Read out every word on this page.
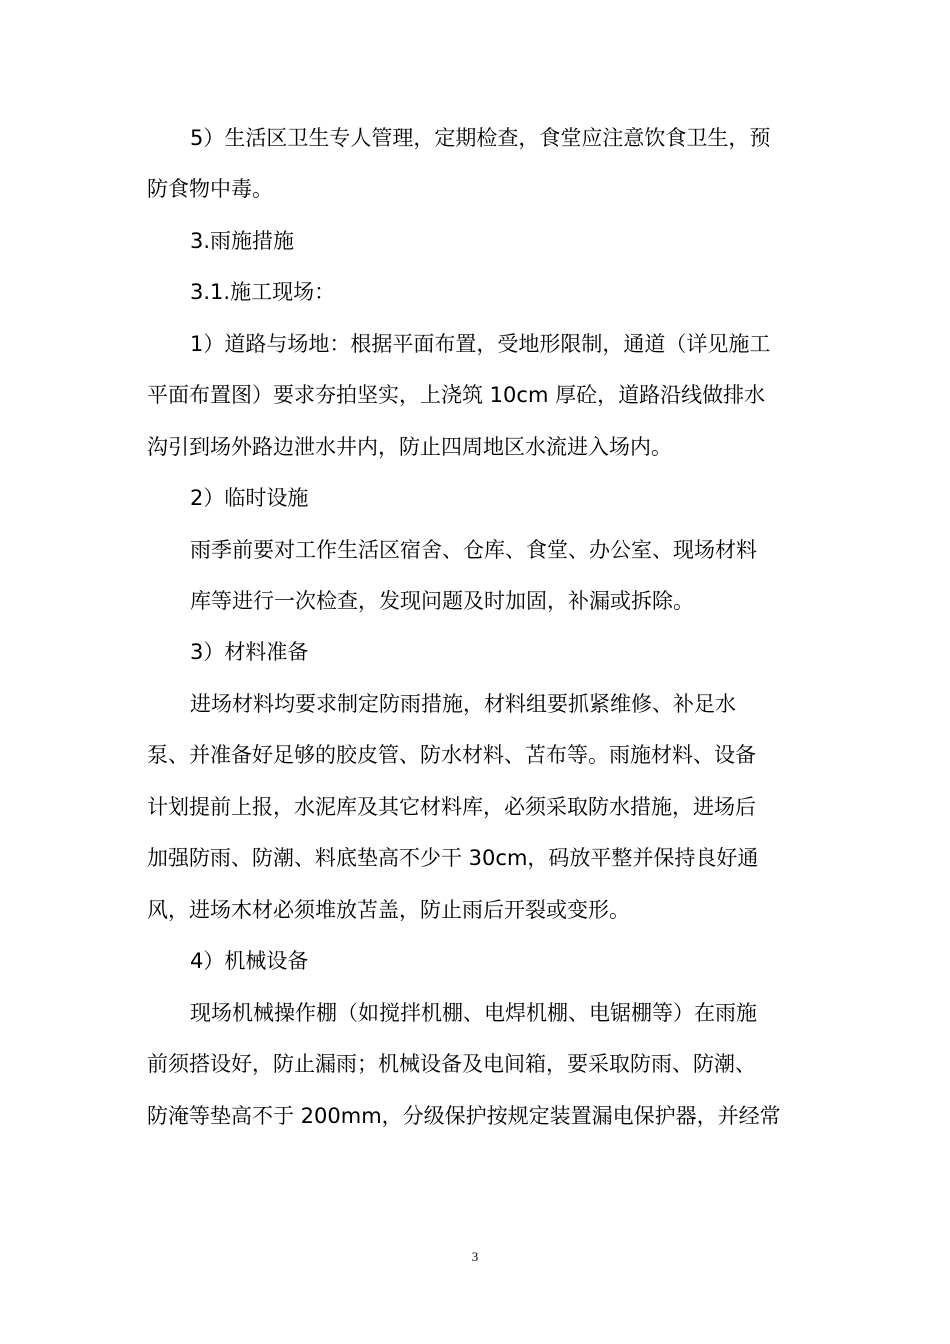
5）生活区卫生专人管理，定期检查，食堂应注意饮食卫生，预
防食物中毒。
3.雨施措施
3.1.施工现场：
1）道路与场地：根据平面布置，受地形限制，通道（详见施工
平面布置图）要求夯拍坚实，上浇筑 10cm 厚砼，道路沿线做排水
沟引到场外路边泄水井内，防止四周地区水流进入场内。
2）临时设施
雨季前要对工作生活区宿舍、仓库、食堂、办公室、现场材料
库等进行一次检查，发现问题及时加固，补漏或拆除。
3）材料准备
进场材料均要求制定防雨措施，材料组要抓紧维修、补足水
泵、并准备好足够的胶皮管、防水材料、苫布等。雨施材料、设备
计划提前上报，水泥库及其它材料库，必须采取防水措施，进场后
加强防雨、防潮、料底垫高不少干 30cm，码放平整并保持良好通
风，进场木材必须堆放苫盖，防止雨后开裂或变形。
4）机械设备
现场机械操作棚（如搅拌机棚、电焊机棚、电锯棚等）在雨施
前须搭设好，防止漏雨；机械设备及电间箱，要采取防雨、防潮、
防淹等垫高不于 200mm，分级保护按规定装置漏电保护器，并经常
3
